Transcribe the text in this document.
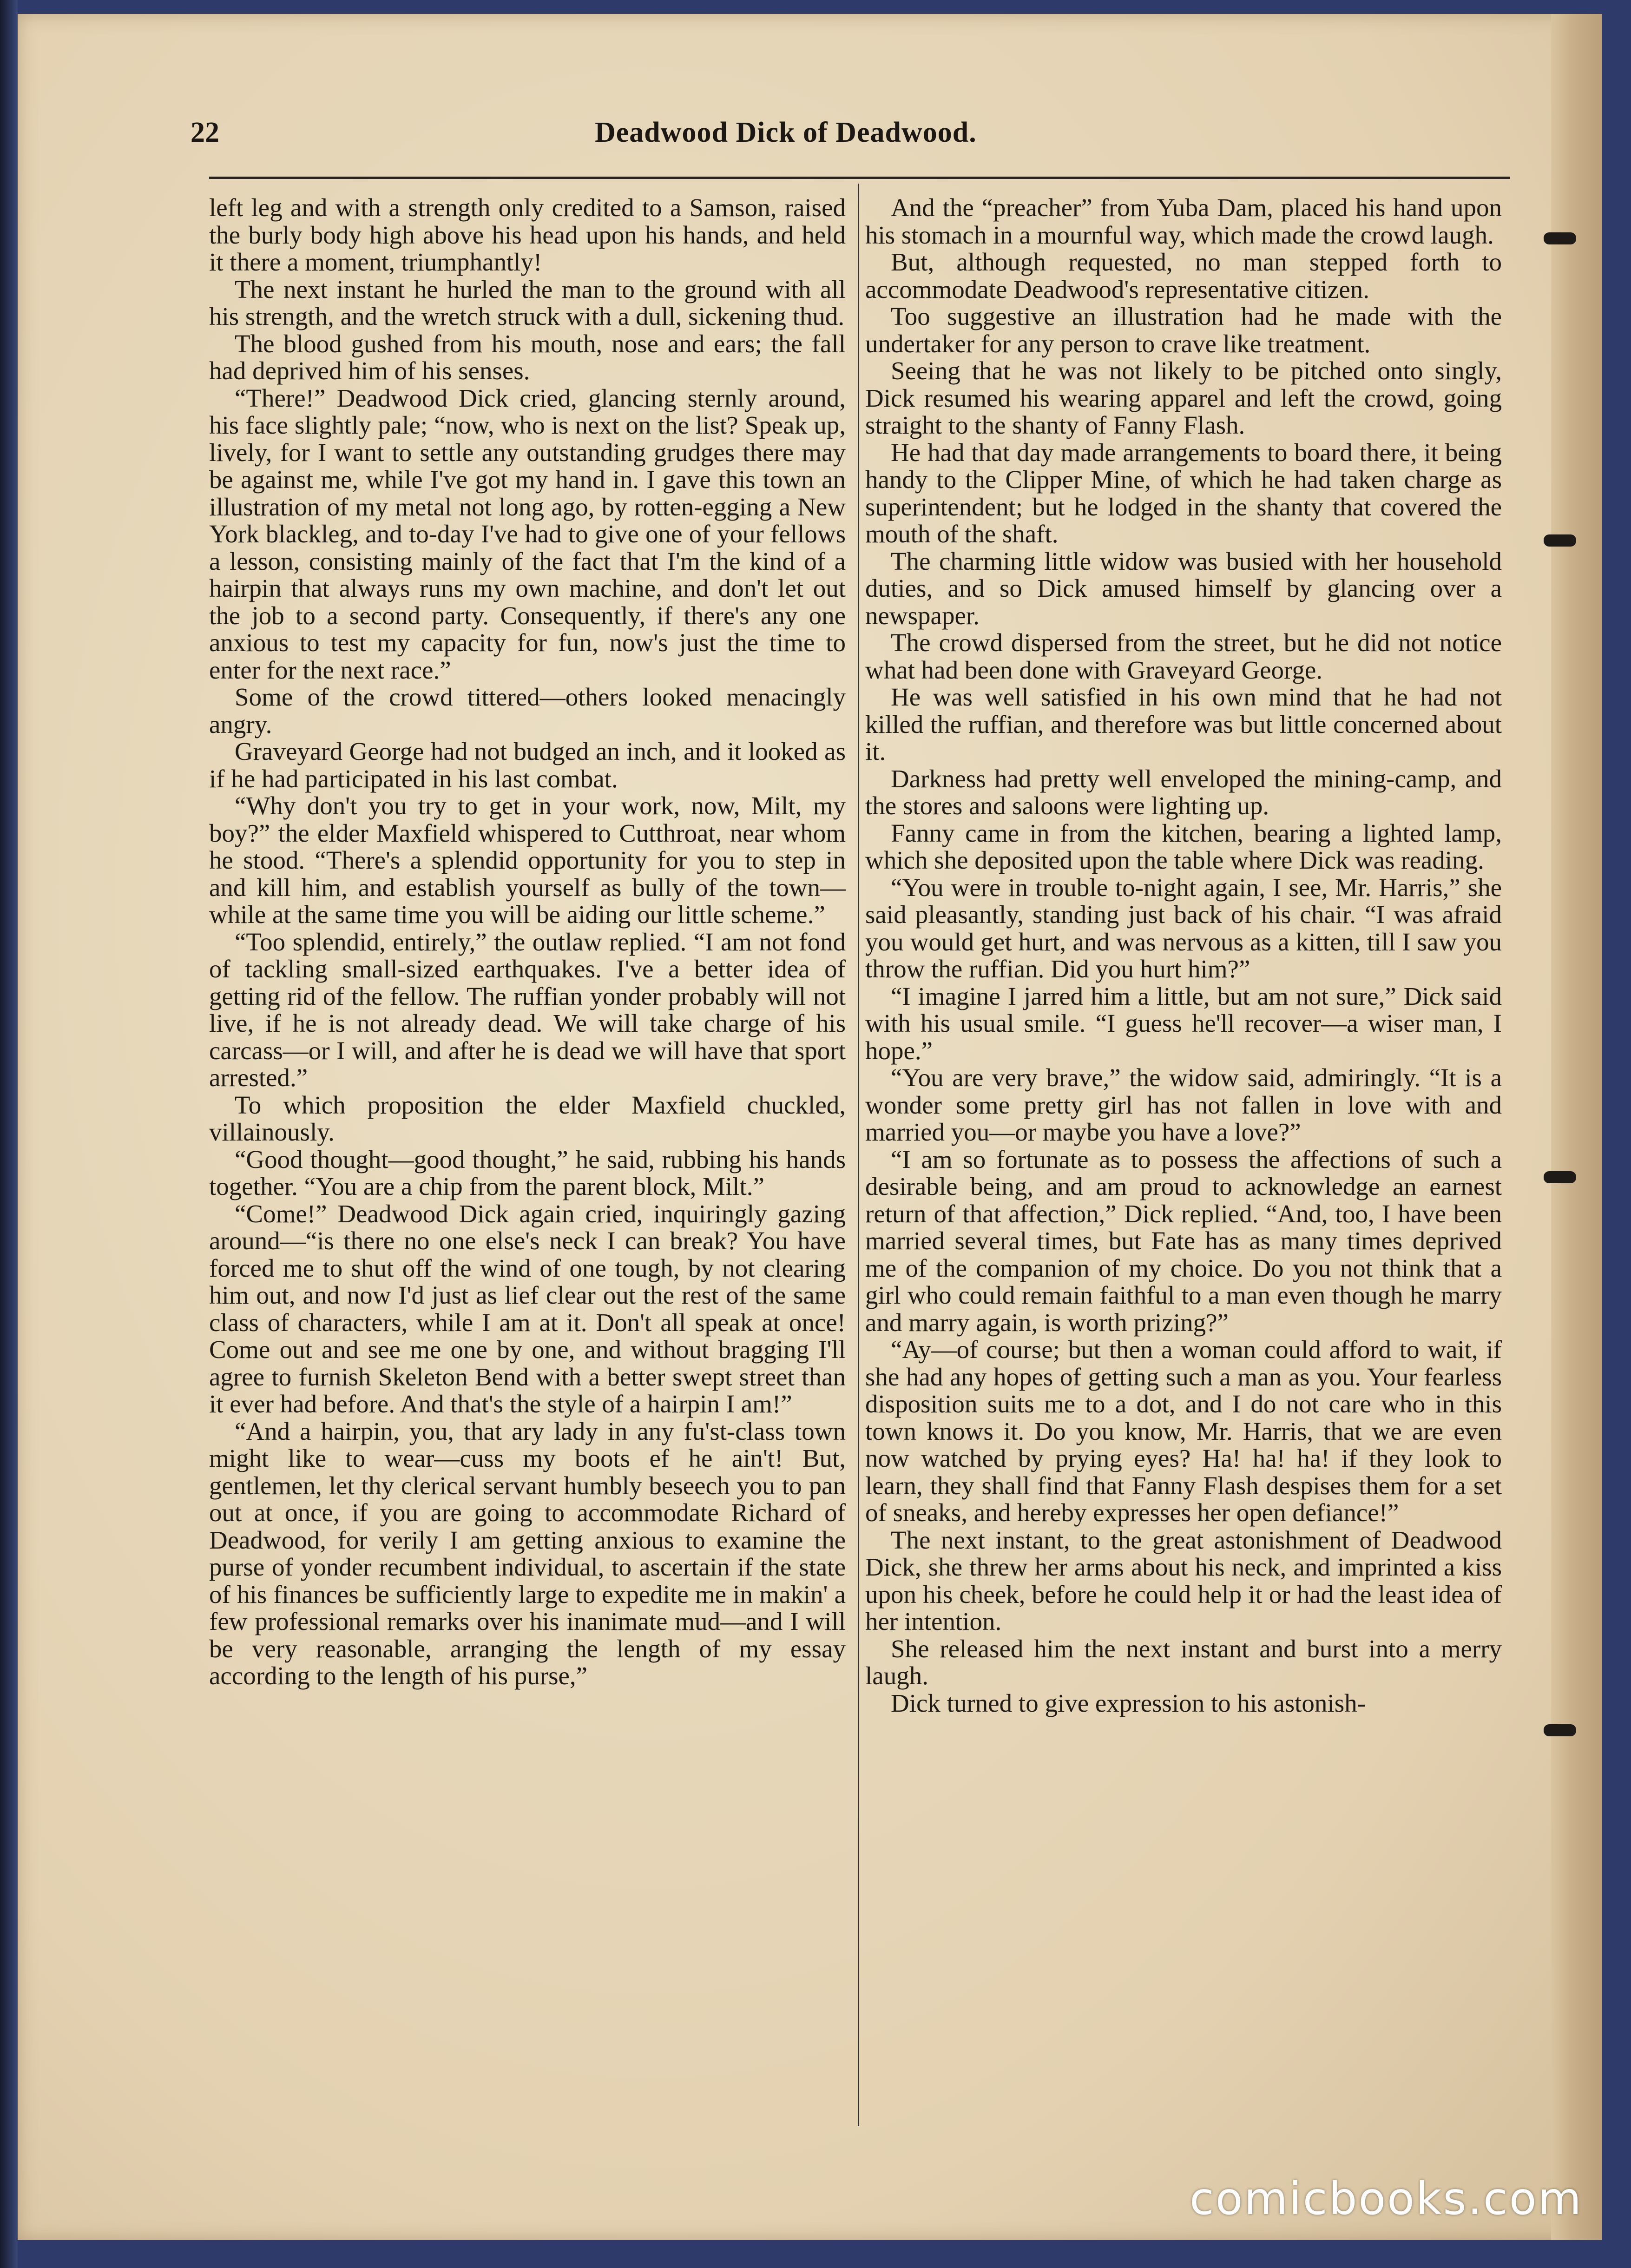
22	Deadwood Dick of Deadwood.

left leg and with a strength only credited to a Samson, raised the burly body high above his head upon his hands, and held it there a moment, triumphantly!

The next instant he hurled the man to the ground with all his strength, and the wretch struck with a dull, sickening thud.

The blood gushed from his mouth, nose and ears; the fall had deprived him of his senses.

“There!” Deadwood Dick cried, glancing sternly around, his face slightly pale; “now, who is next on the list? Speak up, lively, for I want to settle any outstanding grudges there may be against me, while I've got my hand in. I gave this town an illustration of my metal not long ago, by rotten-egging a New York blackleg, and to-day I've had to give one of your fellows a lesson, consisting mainly of the fact that I'm the kind of a hairpin that always runs my own machine, and don't let out the job to a second party. Consequently, if there's any one anxious to test my capacity for fun, now's just the time to enter for the next race.”

Some of the crowd tittered—others looked menacingly angry.

Graveyard George had not budged an inch, and it looked as if he had participated in his last combat.

“Why don't you try to get in your work, now, Milt, my boy?” the elder Maxfield whispered to Cutthroat, near whom he stood. “There's a splendid opportunity for you to step in and kill him, and establish yourself as bully of the town—while at the same time you will be aiding our little scheme.”

“Too splendid, entirely,” the outlaw replied. “I am not fond of tackling small-sized earthquakes. I've a better idea of getting rid of the fellow. The ruffian yonder probably will not live, if he is not already dead. We will take charge of his carcass—or I will, and after he is dead we will have that sport arrested.”

To which proposition the elder Maxfield chuckled, villainously.

“Good thought—good thought,” he said, rubbing his hands together. “You are a chip from the parent block, Milt.”

“Come!” Deadwood Dick again cried, inquiringly gazing around—“is there no one else's neck I can break? You have forced me to shut off the wind of one tough, by not clearing him out, and now I'd just as lief clear out the rest of the same class of characters, while I am at it. Don't all speak at once! Come out and see me one by one, and without bragging I'll agree to furnish Skeleton Bend with a better swept street than it ever had before. And that's the style of a hairpin I am!”

“And a hairpin, you, that ary lady in any fu'st-class town might like to wear—cuss my boots ef he ain't! But, gentlemen, let thy clerical servant humbly beseech you to pan out at once, if you are going to accommodate Richard of Deadwood, for verily I am getting anxious to examine the purse of yonder recumbent individual, to ascertain if the state of his finances be sufficiently large to expedite me in makin' a few professional remarks over his inanimate mud—and I will be very reasonable, arranging the length of my essay according to the length of his purse,”

And the “preacher” from Yuba Dam, placed his hand upon his stomach in a mournful way, which made the crowd laugh.

But, although requested, no man stepped forth to accommodate Deadwood's representative citizen.

Too suggestive an illustration had he made with the undertaker for any person to crave like treatment.

Seeing that he was not likely to be pitched onto singly, Dick resumed his wearing apparel and left the crowd, going straight to the shanty of Fanny Flash.

He had that day made arrangements to board there, it being handy to the Clipper Mine, of which he had taken charge as superintendent; but he lodged in the shanty that covered the mouth of the shaft.

The charming little widow was busied with her household duties, and so Dick amused himself by glancing over a newspaper.

The crowd dispersed from the street, but he did not notice what had been done with Graveyard George.

He was well satisfied in his own mind that he had not killed the ruffian, and therefore was but little concerned about it.

Darkness had pretty well enveloped the mining-camp, and the stores and saloons were lighting up.

Fanny came in from the kitchen, bearing a lighted lamp, which she deposited upon the table where Dick was reading.

“You were in trouble to-night again, I see, Mr. Harris,” she said pleasantly, standing just back of his chair. “I was afraid you would get hurt, and was nervous as a kitten, till I saw you throw the ruffian. Did you hurt him?”

“I imagine I jarred him a little, but am not sure,” Dick said with his usual smile. “I guess he'll recover—a wiser man, I hope.”

“You are very brave,” the widow said, admiringly. “It is a wonder some pretty girl has not fallen in love with and married you—or maybe you have a love?”

“I am so fortunate as to possess the affections of such a desirable being, and am proud to acknowledge an earnest return of that affection,” Dick replied. “And, too, I have been married several times, but Fate has as many times deprived me of the companion of my choice. Do you not think that a girl who could remain faithful to a man even though he marry and marry again, is worth prizing?”

“Ay—of course; but then a woman could afford to wait, if she had any hopes of getting such a man as you. Your fearless disposition suits me to a dot, and I do not care who in this town knows it. Do you know, Mr. Harris, that we are even now watched by prying eyes? Ha! ha! ha! if they look to learn, they shall find that Fanny Flash despises them for a set of sneaks, and hereby expresses her open defiance!”

The next instant, to the great astonishment of Deadwood Dick, she threw her arms about his neck, and imprinted a kiss upon his cheek, before he could help it or had the least idea of her intention.

She released him the next instant and burst into a merry laugh.

Dick turned to give expression to his astonish-

comicbooks.com
